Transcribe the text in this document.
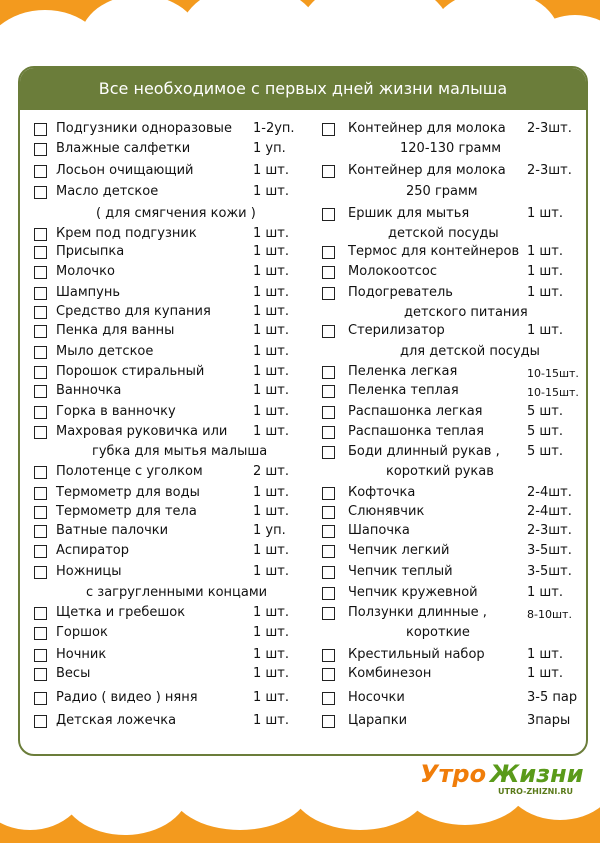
Все необходимое с первых дней жизни малыша
Подгузники одноразовые 1-2уп.
Влажные салфетки	1 уп.
Лосьон очищающий	1 шт.
Масло детское	1 шт.
( для смягчения кожи )
Крем под подгузник	1 шт.
Присыпка	1 шт.
Молочко	1 шт.
Шампунь	1 шт.
Средство для купания	1 шт.
Пенка для ванны	1 шт.
Мыло детское	1 шт.
Порошок стиральный	1 шт.
Ванночка	1 шт.
Горка в ванночку	1 шт.
Махровая руковичка или 1 шт.
губка для мытья малыша
Полотенце с уголком	2 шт.
Термометр для воды	1 шт.
Термометр для тела	1 шт.
Ватные палочки	1 уп.
Аспиратор	1 шт.
Ножницы	1 шт.
с загругленными концами
Щетка и гребешок	1 шт.
Горшок	1 шт.
Ночник	1 шт.
Весы	1 шт.
Радио ( видео ) няня	1 шт.
Детская ложечка	1 шт.
Контейнер для молока 2-3шт.
120-130 грамм
Контейнер для молока 2-3шт.
250 грамм
Ершик для мытья	1 шт.
детской посуды
Термос для контейнеров 1 шт.
Молокоотсос	1 шт.
Подогреватель	1 шт.
детского питания
Стерилизатор	1 шт.
для детской посуды
Пеленка легкая	10-15шт.
Пеленка теплая	10-15шт.
Распашонка легкая	5 шт.
Распашонка теплая	5 шт.
Боди длинный рукав , 5 шт.
короткий рукав
Кофточка	2-4шт.
Слюнявчик	2-4шт.
Шапочка	2-3шт.
Чепчик легкий	3-5шт.
Чепчик теплый	3-5шт.
Чепчик кружевной	1 шт.
Ползунки длинные ,	8-10шт.
короткие
Крестильный набор	1 шт.
Комбинезон	1 шт.
Носочки	3-5 пар
Царапки	3пары
Утро Жизни
UTRO-ZHIZNI.RU
